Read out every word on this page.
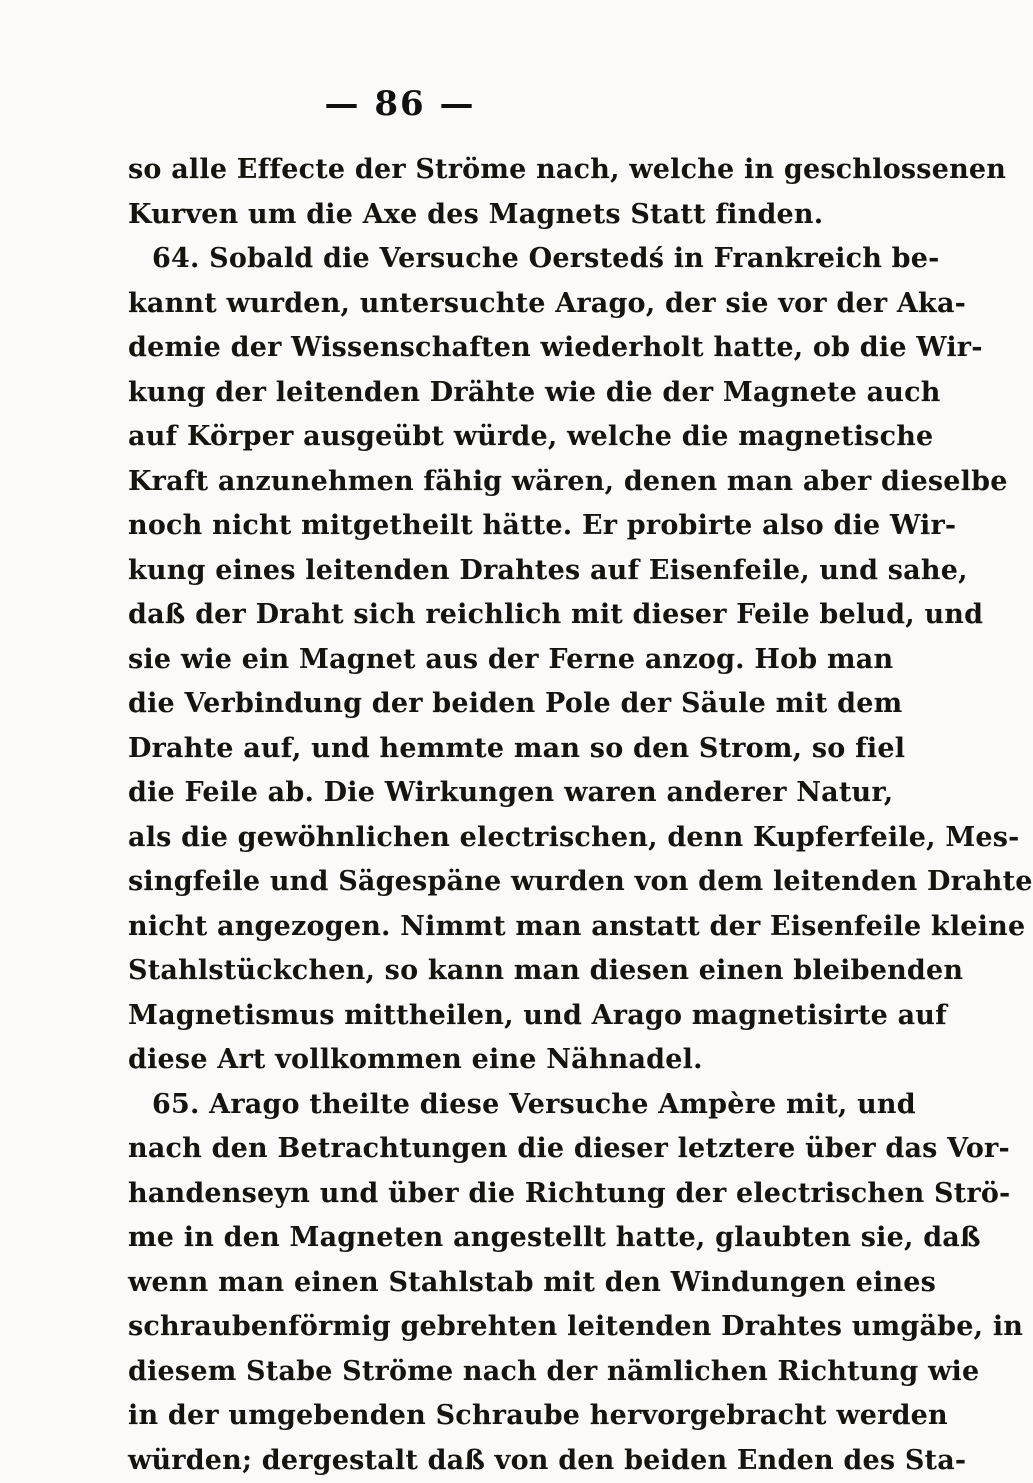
— 86 —
so alle Effecte der Ströme nach, welche in geschlossenen
Kurven um die Axe des Magnets Statt finden.
64. Sobald die Versuche Oerstedś in Frankreich be-
kannt wurden, untersuchte Arago, der sie vor der Aka-
demie der Wissenschaften wiederholt hatte, ob die Wir-
kung der leitenden Drähte wie die der Magnete auch
auf Körper ausgeübt würde, welche die magnetische
Kraft anzunehmen fähig wären, denen man aber dieselbe
noch nicht mitgetheilt hätte. Er probirte also die Wir-
kung eines leitenden Drahtes auf Eisenfeile, und sahe,
daß der Draht sich reichlich mit dieser Feile belud, und
sie wie ein Magnet aus der Ferne anzog. Hob man
die Verbindung der beiden Pole der Säule mit dem
Drahte auf, und hemmte man so den Strom, so fiel
die Feile ab. Die Wirkungen waren anderer Natur,
als die gewöhnlichen electrischen, denn Kupferfeile, Mes-
singfeile und Sägespäne wurden von dem leitenden Drahte
nicht angezogen. Nimmt man anstatt der Eisenfeile kleine
Stahlstückchen, so kann man diesen einen bleibenden
Magnetismus mittheilen, und Arago magnetisirte auf
diese Art vollkommen eine Nähnadel.
65. Arago theilte diese Versuche Ampère mit, und
nach den Betrachtungen die dieser letztere über das Vor-
handenseyn und über die Richtung der electrischen Strö-
me in den Magneten angestellt hatte, glaubten sie, daß
wenn man einen Stahlstab mit den Windungen eines
schraubenförmig gebrehten leitenden Drahtes umgäbe, in
diesem Stabe Ströme nach der nämlichen Richtung wie
in der umgebenden Schraube hervorgebracht werden
würden; dergestalt daß von den beiden Enden des Sta-
